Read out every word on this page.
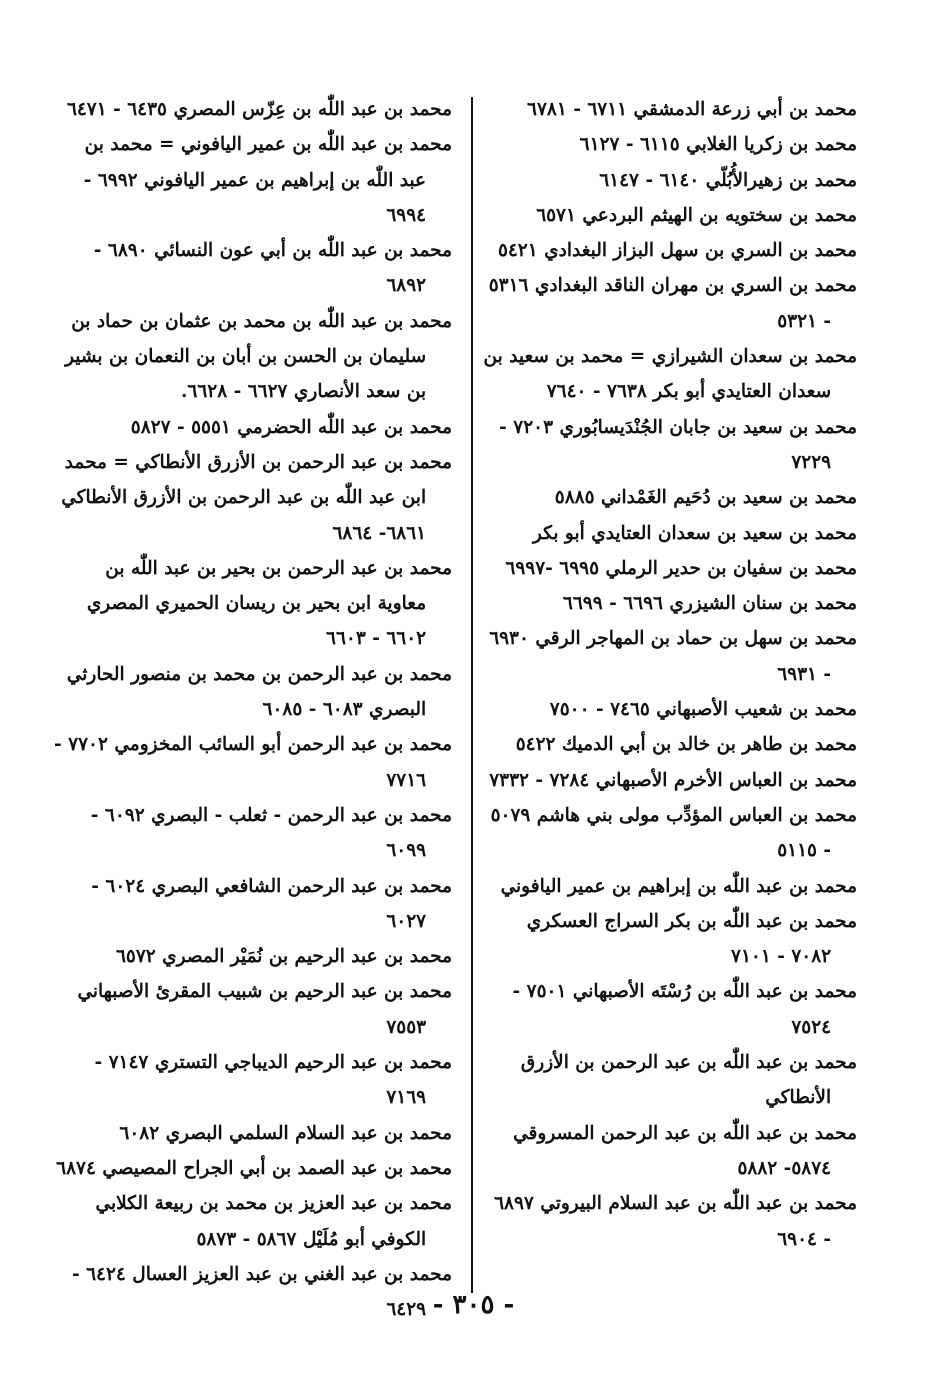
محمد بن أبي زرعة الدمشقي ٦٧١١ - ٦٧٨١

محمد بن زكريا الغلابي ٦١١٥ - ٦١٢٧

محمد بن زهيرالأُبُلّي ٦١٤٠ - ٦١٤٧

محمد بن سختويه بن الهيثم البردعي ٦٥٧١

محمد بن السري بن سهل البزاز البغدادي ٥٤٢١

محمد بن السري بن مهران الناقد البغدادي ٥٣١٦ - ٥٣٢١

محمد بن سعدان الشيرازي = محمد بن سعيد بن سعدان العتايدي أبو بكر ٧٦٣٨ - ٧٦٤٠

محمد بن سعيد بن جابان الجُنْدَيسابُوري ٧٢٠٣ - ٧٢٢٩

محمد بن سعيد بن دُحَيم الغَمْداني ٥٨٨٥

محمد بن سعيد بن سعدان العتايدي أبو بكر

محمد بن سفيان بن حدير الرملي ٦٩٩٥ -٦٩٩٧

محمد بن سنان الشيزري ٦٦٩٦ - ٦٦٩٩

محمد بن سهل بن حماد بن المهاجر الرقي ٦٩٣٠ - ٦٩٣١

محمد بن شعيب الأصبهاني ٧٤٦٥ - ٧٥٠٠

محمد بن طاهر بن خالد بن أبي الدميك ٥٤٢٢

محمد بن العباس الأخرم الأصبهاني ٧٢٨٤ - ٧٣٣٢

محمد بن العباس المؤدِّب مولى بني هاشم ٥٠٧٩ - ٥١١٥

محمد بن عبد اللّٰه بن إبراهيم بن عمير اليافوني

محمد بن عبد اللّٰه بن بكر السراج العسكري ٧٠٨٢ - ٧١٠١

محمد بن عبد اللّٰه بن رُسْتَه الأصبهاني ٧٥٠١ - ٧٥٢٤

محمد بن عبد اللّٰه بن عبد الرحمن بن الأزرق الأنطاكي

محمد بن عبد اللّٰه بن عبد الرحمن المسروقي ٥٨٧٤- ٥٨٨٢

محمد بن عبد اللّٰه بن عبد السلام البيروتي ٦٨٩٧ - ٦٩٠٤

محمد بن عبد اللّٰه بن عِزّس المصري ٦٤٣٥ - ٦٤٧١

محمد بن عبد اللّٰه بن عمير اليافوني = محمد بن عبد اللّٰه بن إبراهيم بن عمير اليافوني ٦٩٩٢ - ٦٩٩٤

محمد بن عبد اللّٰه بن أبي عون النسائي ٦٨٩٠ - ٦٨٩٢

محمد بن عبد اللّٰه بن محمد بن عثمان بن حماد بن سليمان بن الحسن بن أبان بن النعمان بن بشير بن سعد الأنصاري ٦٦٢٧ - ٦٦٢٨.

محمد بن عبد اللّٰه الحضرمي ٥٥٥١ - ٥٨٢٧

محمد بن عبد الرحمن بن الأزرق الأنطاكي = محمد ابن عبد اللّٰه بن عبد الرحمن بن الأزرق الأنطاكي ٦٨٦١- ٦٨٦٤

محمد بن عبد الرحمن بن بحير بن عبد اللّٰه بن معاوية ابن بحير بن ريسان الحميري المصري ٦٦٠٢ - ٦٦٠٣

محمد بن عبد الرحمن بن محمد بن منصور الحارثي البصري ٦٠٨٣ - ٦٠٨٥

محمد بن عبد الرحمن أبو السائب المخزومي ٧٧٠٢ - ٧٧١٦

محمد بن عبد الرحمن - ثعلب - البصري ٦٠٩٢ - ٦٠٩٩

محمد بن عبد الرحمن الشافعي البصري ٦٠٢٤ - ٦٠٢٧

محمد بن عبد الرحيم بن نُمَيْر المصري ٦٥٧٢

محمد بن عبد الرحيم بن شبيب المقرئ الأصبهاني ٧٥٥٣

محمد بن عبد الرحيم الديباجي التستري ٧١٤٧ - ٧١٦٩

محمد بن عبد السلام السلمي البصري ٦٠٨٢

محمد بن عبد الصمد بن أبي الجراح المصيصي ٦٨٧٤

محمد بن عبد العزيز بن محمد بن ربيعة الكلابي الكوفي أبو مُلَيْل ٥٨٦٧ - ٥٨٧٣

محمد بن عبد الغني بن عبد العزيز العسال ٦٤٢٤ - ٦٤٢٩ - ٣٠٥ -
